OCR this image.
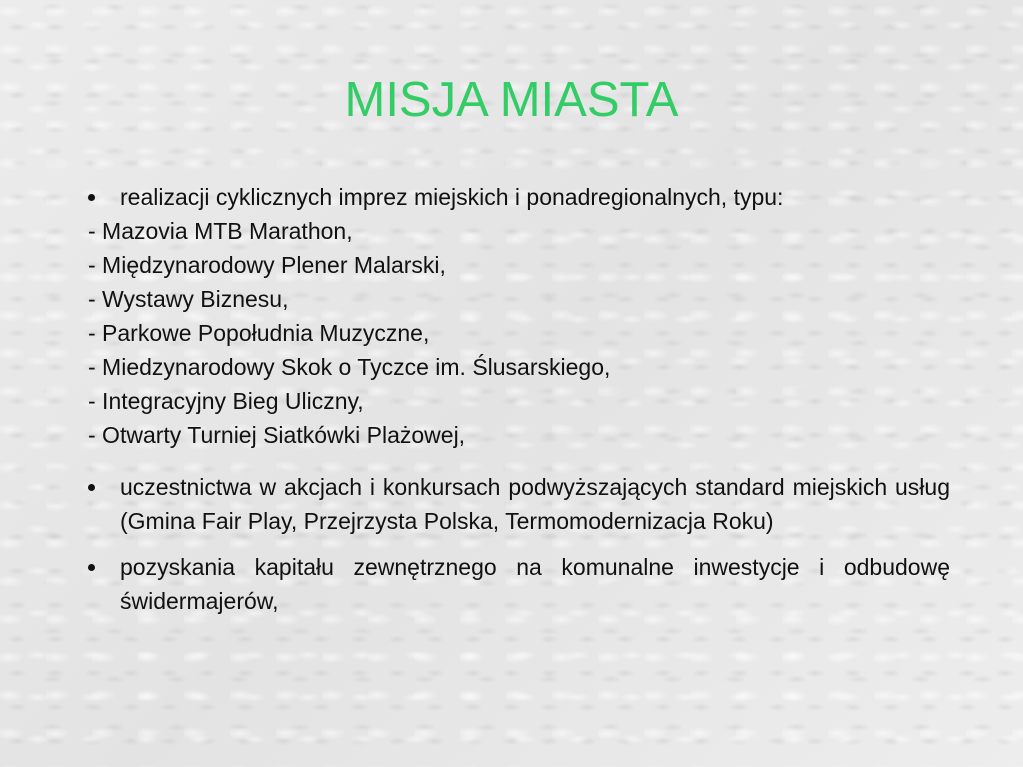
MISJA MIASTA
realizacji cyklicznych imprez miejskich i ponadregionalnych, typu:
- Mazovia MTB Marathon,
- Międzynarodowy Plener Malarski,
- Wystawy Biznesu,
- Parkowe Popołudnia Muzyczne,
- Miedzynarodowy Skok o Tyczce im. Ślusarskiego,
- Integracyjny Bieg Uliczny,
- Otwarty Turniej Siatkówki Plażowej,
uczestnictwa w akcjach i konkursach podwyższających standard miejskich usług (Gmina Fair Play, Przejrzysta Polska, Termomodernizacja Roku)
pozyskania kapitału zewnętrznego na komunalne inwestycje i odbudowę świdermajerów,
